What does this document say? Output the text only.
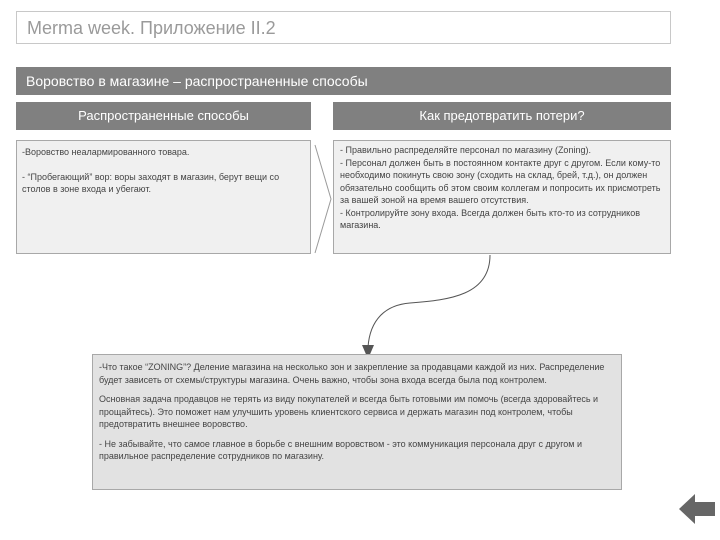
Merma week. Приложение II.2
Воровство в магазине – распространенные способы
Распространенные способы	Как предотвратить потери?

-Воровство неалармированного товара.

- “Пробегающий” вор: воры заходят в магазин, берут вещи со столов в зоне входа и убегают.

- Правильно распределяйте персонал по магазину (Zoning).

- Персонал должен быть в постоянном контакте друг с другом. Если кому-то необходимо покинуть свою зону (сходить на склад, брей, т.д.), он должен обязательно сообщить об этом своим коллегам и попросить их присмотреть за вашей зоной на время вашего отсутствия.

- Контролируйте зону входа. Всегда должен быть кто-то из сотрудников магазина.

-Что такое “ZONING”? Деление магазина на несколько зон и закрепление за продавцами каждой из них. Распределение будет зависеть от схемы/структуры магазина. Очень важно, чтобы зона входа всегда была под контролем.

Основная задача продавцов не терять из виду покупателей и всегда быть готовыми им помочь (всегда здоровайтесь и прощайтесь). Это поможет нам улучшить уровень клиентского сервиса и держать магазин под контролем, чтобы предотвратить внешнее воровство.

- Не забывайте, что самое главное в борьбе с внешним воровством - это коммуникация персонала друг с другом и правильное распределение сотрудников по магазину.
